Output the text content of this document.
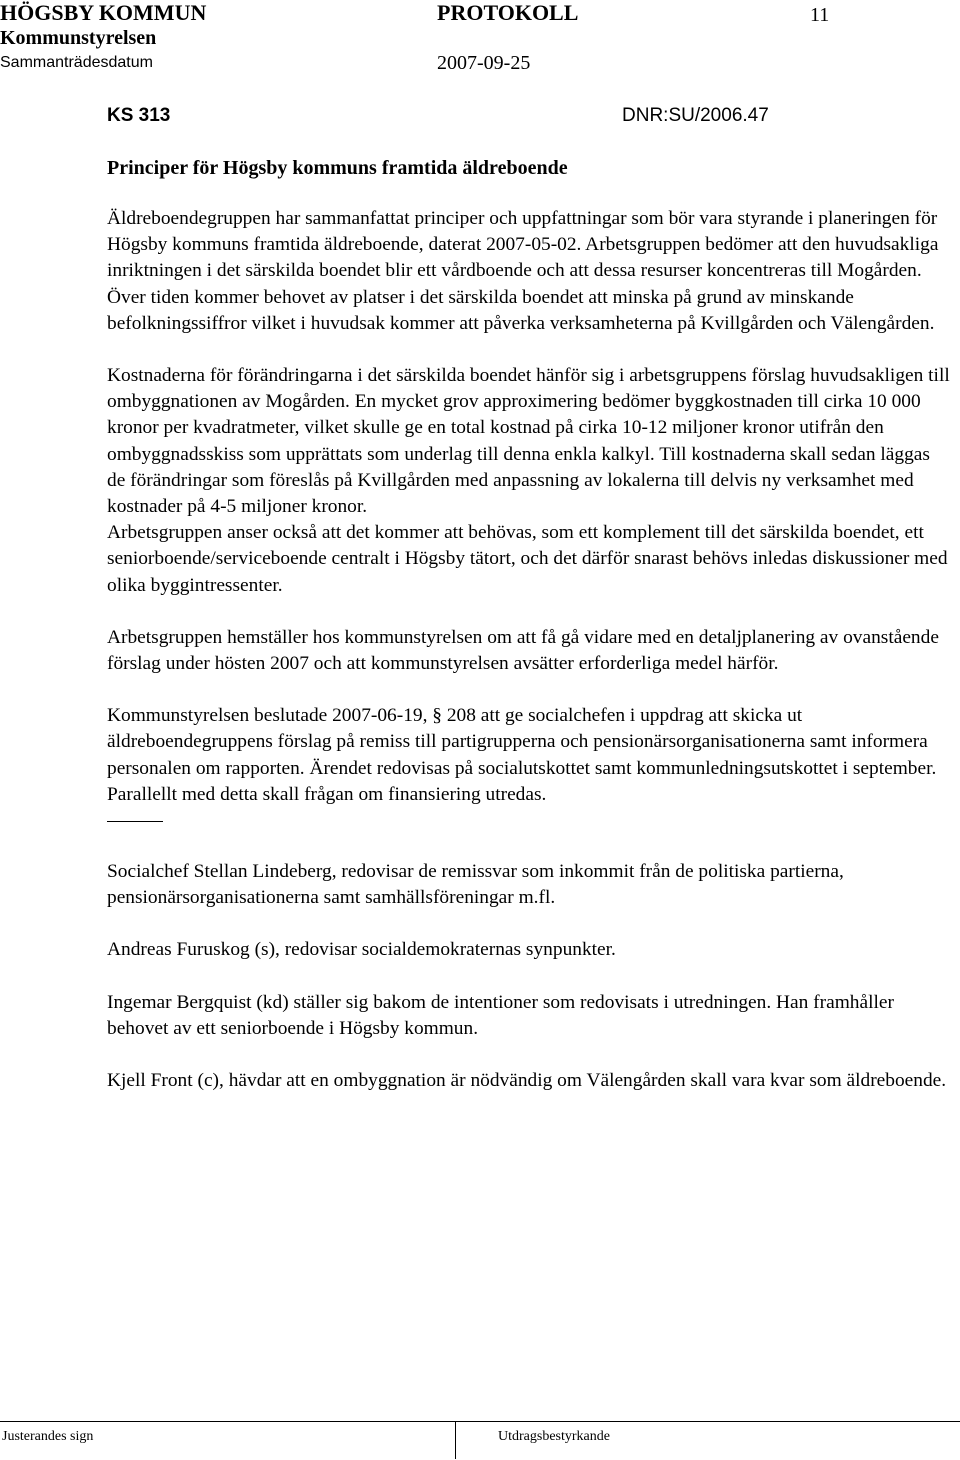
HÖGSBY KOMMUN	PROTOKOLL	11
Kommunstyrelsen
Sammanträdesdatum	2007-09-25
KS 313	DNR:SU/2006.47
Principer för Högsby kommuns framtida äldreboende

Äldreboendegruppen har sammanfattat principer och uppfattningar som bör vara styrande i planeringen för Högsby kommuns framtida äldreboende, daterat 2007-05-02. Arbetsgruppen bedömer att den huvudsakliga inriktningen i det särskilda boendet blir ett vårdboende och att dessa resurser koncentreras till Mogården. Över tiden kommer behovet av platser i det särskilda boendet att minska på grund av minskande befolkningssiffror vilket i huvudsak kommer att påverka verksamheterna på Kvillgården och Välengården.

Kostnaderna för förändringarna i det särskilda boendet hänför sig i arbetsgruppens förslag huvudsakligen till ombyggnationen av Mogården. En mycket grov approximering bedömer byggkostnaden till cirka 10 000 kronor per kvadratmeter, vilket skulle ge en total kostnad på cirka 10-12 miljoner kronor utifrån den ombyggnadsskiss som upprättats som underlag till denna enkla kalkyl. Till kostnaderna skall sedan läggas de förändringar som föreslås på Kvillgården med anpassning av lokalerna till delvis ny verksamhet med kostnader på 4-5 miljoner kronor.

Arbetsgruppen anser också att det kommer att behövas, som ett komplement till det särskilda boendet, ett seniorboende/serviceboende centralt i Högsby tätort, och det därför snarast behövs inledas diskussioner med olika byggintressenter.

Arbetsgruppen hemställer hos kommunstyrelsen om att få gå vidare med en detaljplanering av ovanstående förslag under hösten 2007 och att kommunstyrelsen avsätter erforderliga medel härför.

Kommunstyrelsen beslutade 2007-06-19, § 208 att ge socialchefen i uppdrag att skicka ut äldreboendegruppens förslag på remiss till partigrupperna och pensionärsorganisationerna samt informera personalen om rapporten. Ärendet redovisas på socialutskottet samt kommunledningsutskottet i september. Parallellt med detta skall frågan om finansiering utredas.

Socialchef Stellan Lindeberg, redovisar de remissvar som inkommit från de politiska partierna, pensionärsorganisationerna samt samhällsföreningar m.fl.

Andreas Furuskog (s), redovisar socialdemokraternas synpunkter.

Ingemar Bergquist (kd) ställer sig bakom de intentioner som redovisats i utredningen. Han framhåller behovet av ett seniorboende i Högsby kommun.

Kjell Front (c), hävdar att en ombyggnation är nödvändig om Välengården skall vara kvar som äldreboende.

Justerandes sign	Utdragsbestyrkande
